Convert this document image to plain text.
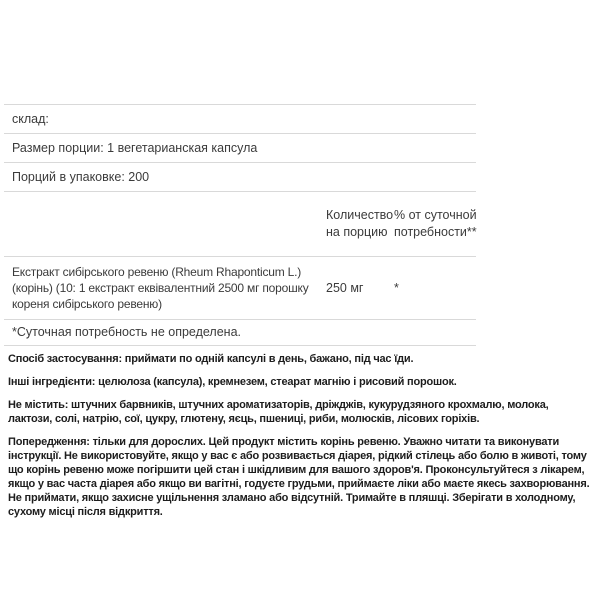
склад:
Размер порции: 1 вегетарианская капсула
Порций в упаковке: 200
Количество на порцию
% от суточной потребности**
Екстракт сибірського ревеню (Rheum Rhaponticum L.) (корінь) (10: 1 екстракт еквівалентний 2500 мг порошку кореня сибірського ревеню)
250 мг	*
*Суточная потребность не определена.

Спосіб застосування: приймати по одній капсулі в день, бажано, під час їди.

Інші інгредієнти: целюлоза (капсула), кремнезем, стеарат магнію і рисовий порошок.

Не містить: штучних барвників, штучних ароматизаторів, дріжджів, кукурудзяного крохмалю, молока, лактози, солі, натрію, сої, цукру, глютену, яєць, пшениці, риби, молюсків, лісових горіхів.

Попередження: тільки для дорослих. Цей продукт містить корінь ревеню. Уважно читати та виконувати інструкції. Не використовуйте, якщо у вас є або розвивається діарея, рідкий стілець або болю в животі, тому що корінь ревеню може погіршити цей стан і шкідливим для вашого здоров'я. Проконсультуйтеся з лікарем, якщо у вас часта діарея або якщо ви вагітні, годуєте грудьми, приймаєте ліки або маєте якесь захворювання. Не приймати, якщо захисне ущільнення зламано або відсутній. Тримайте в пляшці. Зберігати в холодному, сухому місці після відкриття.
